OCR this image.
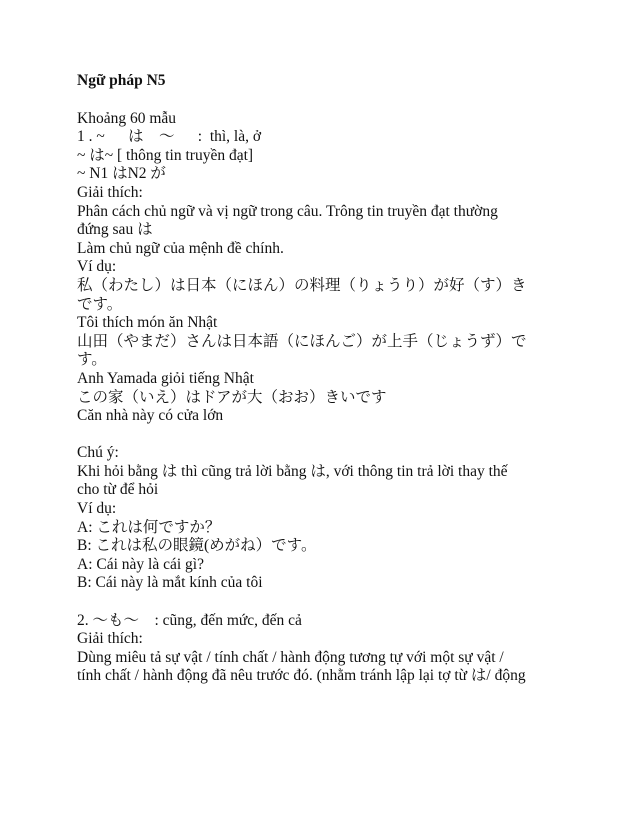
Ngữ pháp N5

Khoảng 60 mẫu

1 . ~      は    ～      :  thì, là, ở

~ は~ [ thông tin truyền đạt]

~ N1 はN2 が

Giải thích:

Phân cách chủ ngữ và vị ngữ trong câu. Trông tin truyền đạt thường

đứng sau は

Làm chủ ngữ của mệnh đề chính.

Ví dụ:

私（わたし）は日本（にほん）の料理（りょうり）が好（す）き

です。

Tôi thích món ăn Nhật

山田（やまだ）さんは日本語（にほんご）が上手（じょうず）で

す。

Anh Yamada giỏi tiếng Nhật

この家（いえ）はドアが大（おお）きいです

Căn nhà này có cửa lớn

Chú ý:

Khi hỏi bằng は thì cũng trả lời bằng は, với thông tin trả lời thay thế

cho từ để hỏi

Ví dụ:

A: これは何ですか？

B: これは私の眼鏡(めがね）です。

A: Cái này là cái gì?

B: Cái này là mắt kính của tôi

2. ～も～    : cũng, đến mức, đến cả

Giải thích:

Dùng miêu tả sự vật / tính chất / hành động tương tự với một sự vật /

tính chất / hành động đã nêu trước đó. (nhằm tránh lập lại tợ từ は/ động
